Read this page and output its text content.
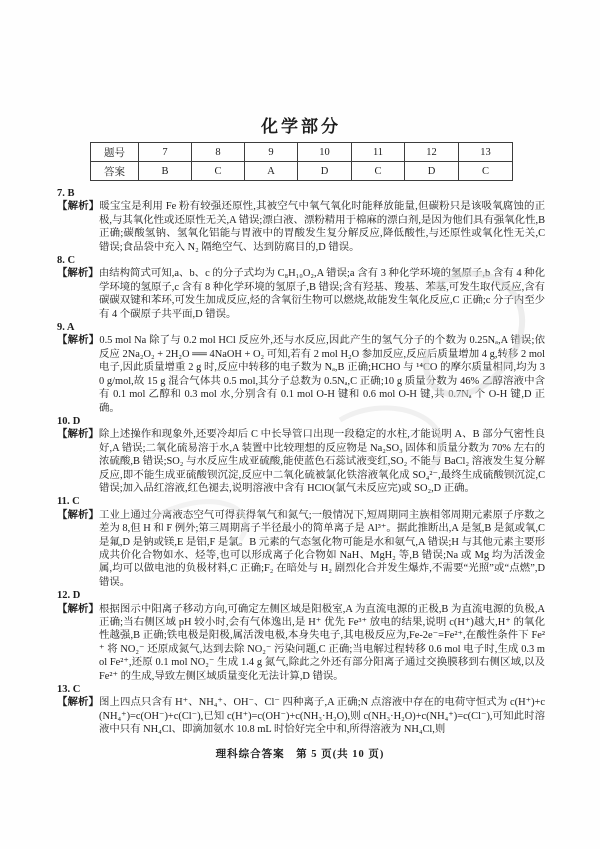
化学部分
题号	7	8	9	10	11	12	13
答案	B	C	A	D	C	D	C
7. B

【解析】暖宝宝是利用 Fe 粉有较强还原性,其被空气中氧气氧化时能释放能量,但碳粉只是该吸氧腐蚀的正极,与其氧化性或还原性无关,A 错误;漂白液、漂粉精用于棉麻的漂白剂,是因为他们具有强氧化性,B 正确;碳酸氢钠、氢氧化铝能与胃液中的胃酸发生复分解反应,降低酸性,与还原性或氧化性无关,C 错误;食品袋中充入 N₂ 隔绝空气、达到防腐目的,D 错误。

8. C

【解析】由结构简式可知,a、b、c 的分子式均为 C₈H₁₀O₂,A 错误;a 含有 3 种化学环境的氢原子,b 含有 4 种化学环境的氢原子,c 含有 8 种化学环境的氢原子,B 错误;含有羟基、羧基、苯基,可发生取代反应,含有碳碳双键和苯环,可发生加成反应,烃的含氧衍生物可以燃烧,故能发生氧化反应,C 正确;c 分子内至少有 4 个碳原子共平面,D 错误。

9. A

【解析】0.5 mol Na 除了与 0.2 mol HCl 反应外,还与水反应,因此产生的氢气分子的个数为 0.25Nₐ,A 错误;依反应 2Na₂O₂ + 2H₂O ══ 4NaOH + O₂ 可知,若有 2 mol H₂O 参加反应,反应后质量增加 4 g,转移 2 mol 电子,因此质量增重 2 g 时,反应中转移的电子数为 Nₐ,B 正确;HCHO 与 ¹⁴CO 的摩尔质量相同,均为 30 g/mol,故 15 g 混合气体共 0.5 mol,其分子总数为 0.5Nₐ,C 正确;10 g 质量分数为 46% 乙醇溶液中含有 0.1 mol 乙醇和 0.3 mol 水,分别含有 0.1 mol O-H 键和 0.6 mol O-H 键,共 0.7Nₐ 个 O-H 键,D 正确。

10. D

【解析】除上述操作和现象外,还要冷却后 C 中长导管口出现一段稳定的水柱,才能说明 A、B 部分气密性良好,A 错误;二氧化硫易溶于水,A 装置中比较理想的反应物是 Na₂SO₃ 固体和质量分数为 70% 左右的浓硫酸,B 错误;SO₂ 与水反应生成亚硫酸,能使蓝色石蕊试液变红,SO₂ 不能与 BaCl₂ 溶液发生复分解反应,即不能生成亚硫酸钡沉淀,反应中二氧化硫被氯化铁溶液氧化成 SO₄²⁻,最终生成硫酸钡沉淀,C 错误;加入品红溶液,红色褪去,说明溶液中含有 HClO(氯气未反应完)或 SO₂,D 正确。

11. C

【解析】工业上通过分离液态空气可得获得氧气和氮气;一般情况下,短周期同主族相邻周期元素原子序数之差为 8,但 H 和 F 例外;第三周期离子半径最小的简单离子是 Al³⁺。据此推断出,A 是氢,B 是氮或氧,C 是氟,D 是钠或镁,E 是铝,F 是氯。B 元素的气态氢化物可能是水和氨气,A 错误;H 与其他元素主要形成共价化合物如水、烃等,也可以形成离子化合物如 NaH、MgH₂ 等,B 错误;Na 或 Mg 均为活泼金属,均可以做电池的负极材料,C 正确;F₂ 在暗处与 H₂ 剧烈化合并发生爆炸,不需要“光照”或“点燃”,D 错误。

12. D

【解析】根据图示中阳离子移动方向,可确定左侧区域是阳极室,A 为直流电源的正极,B 为直流电源的负极,A 正确;当右侧区域 pH 较小时,会有气体逸出,是 H⁺ 优先 Fe³⁺ 放电的结果,说明 c(H⁺)越大,H⁺ 的氧化性越强,B 正确;铁电极是阳极,属活泼电极,本身失电子,其电极反应为,Fe-2e⁻=Fe²⁺,在酸性条件下 Fe²⁺ 将 NO₂⁻ 还原成氮气,达到去除 NO₂⁻ 污染问题,C 正确;当电解过程转移 0.6 mol 电子时,生成 0.3 mol Fe²⁺,还原 0.1 mol NO₂⁻ 生成 1.4 g 氮气,除此之外还有部分阳离子通过交换膜移到右侧区域,以及 Fe²⁺ 的生成,导致左侧区域质量变化无法计算,D 错误。

13. C

【解析】图上四点只含有 H⁺、NH₄⁺、OH⁻、Cl⁻ 四种离子,A 正确;N 点溶液中存在的电荷守恒式为 c(H⁺)+c(NH₄⁺)=c(OH⁻)+c(Cl⁻),已知 c(H⁺)=c(OH⁻)+c(NH₃·H₂O),则 c(NH₃·H₂O)+c(NH₄⁺)=c(Cl⁻),可知此时溶液中只有 NH₄Cl、即滴加氨水 10.8 mL 时恰好完全中和,所得溶液为 NH₄Cl,则

理科综合答案　第 5 页(共 10 页)
